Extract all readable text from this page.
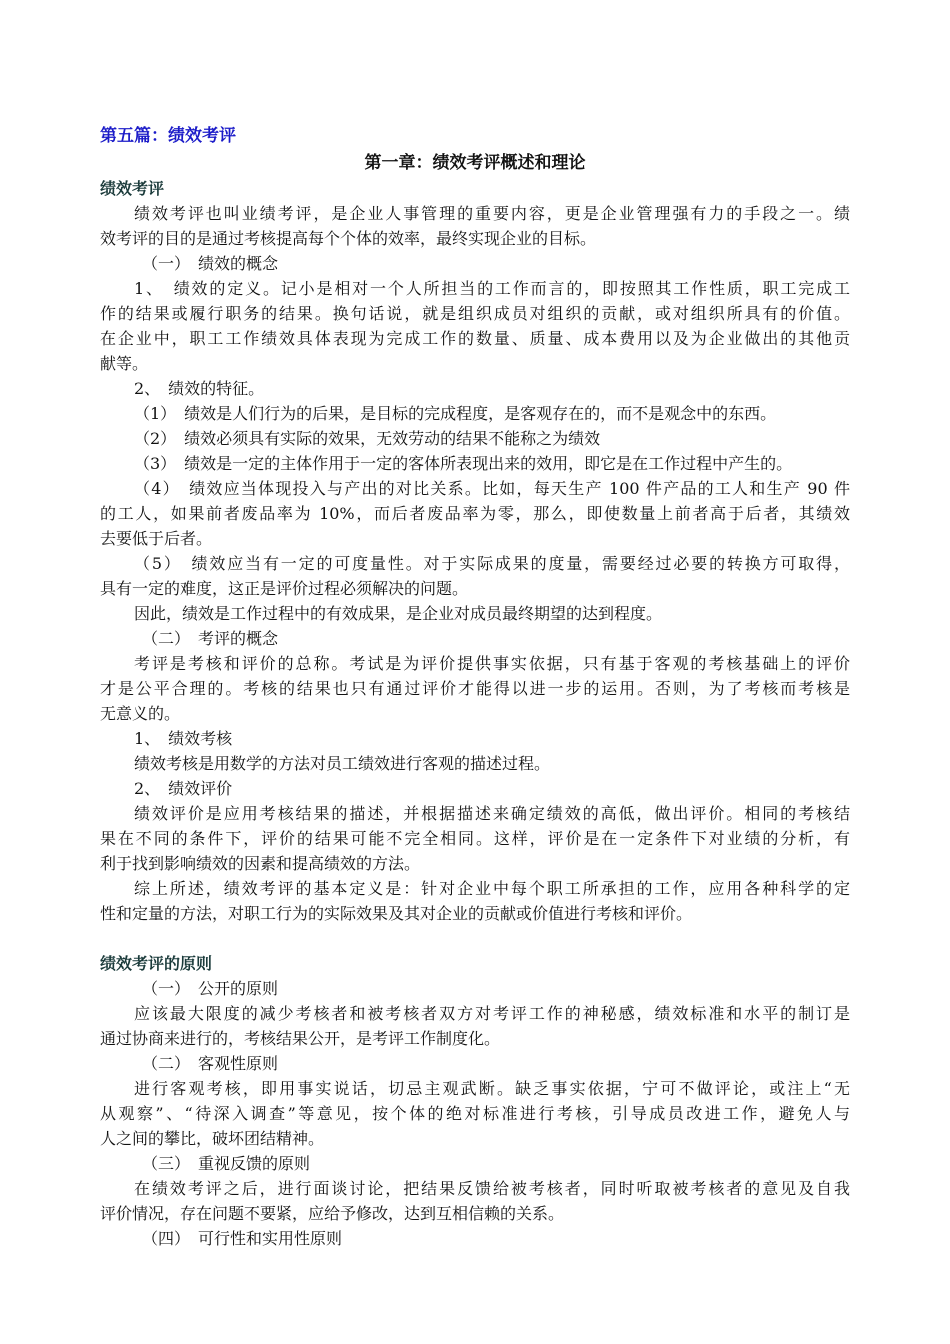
第五篇：绩效考评
第一章：绩效考评概述和理论
绩效考评
绩效考评也叫业绩考评，是企业人事管理的重要内容，更是企业管理强有力的手段之一。绩
效考评的目的是通过考核提高每个个体的效率，最终实现企业的目标。
（一）　绩效的概念
1、　绩效的定义。记小是相对一个人所担当的工作而言的，即按照其工作性质，职工完成工
作的结果或履行职务的结果。换句话说，就是组织成员对组织的贡献，或对组织所具有的价值。
在企业中，职工工作绩效具体表现为完成工作的数量、质量、成本费用以及为企业做出的其他贡
献等。
2、　绩效的特征。
（1）　绩效是人们行为的后果，是目标的完成程度，是客观存在的，而不是观念中的东西。
（2）　绩效必须具有实际的效果，无效劳动的结果不能称之为绩效
（3）　绩效是一定的主体作用于一定的客体所表现出来的效用，即它是在工作过程中产生的。
（4）　绩效应当体现投入与产出的对比关系。比如，每天生产 100 件产品的工人和生产 90 件
的工人，如果前者废品率为 10%，而后者废品率为零，那么，即使数量上前者高于后者，其绩效
去要低于后者。
（5）　绩效应当有一定的可度量性。对于实际成果的度量，需要经过必要的转换方可取得，
具有一定的难度，这正是评价过程必须解决的问题。
因此，绩效是工作过程中的有效成果，是企业对成员最终期望的达到程度。
（二）　考评的概念
考评是考核和评价的总称。考试是为评价提供事实依据，只有基于客观的考核基础上的评价
才是公平合理的。考核的结果也只有通过评价才能得以进一步的运用。否则，为了考核而考核是
无意义的。
1、　绩效考核
绩效考核是用数学的方法对员工绩效进行客观的描述过程。
2、　绩效评价
绩效评价是应用考核结果的描述，并根据描述来确定绩效的高低，做出评价。相同的考核结
果在不同的条件下，评价的结果可能不完全相同。这样，评价是在一定条件下对业绩的分析，有
利于找到影响绩效的因素和提高绩效的方法。
综上所述，绩效考评的基本定义是：针对企业中每个职工所承担的工作，应用各种科学的定
性和定量的方法，对职工行为的实际效果及其对企业的贡献或价值进行考核和评价。
绩效考评的原则
（一）　公开的原则
应该最大限度的减少考核者和被考核者双方对考评工作的神秘感，绩效标准和水平的制订是
通过协商来进行的，考核结果公开，是考评工作制度化。
（二）　客观性原则
进行客观考核，即用事实说话，切忌主观武断。缺乏事实依据，宁可不做评论，或注上“无
从观察”、“待深入调查”等意见，按个体的绝对标准进行考核，引导成员改进工作，避免人与
人之间的攀比，破坏团结精神。
（三）　重视反馈的原则
在绩效考评之后，进行面谈讨论，把结果反馈给被考核者，同时听取被考核者的意见及自我
评价情况，存在问题不要紧，应给予修改，达到互相信赖的关系。
（四）　可行性和实用性原则
